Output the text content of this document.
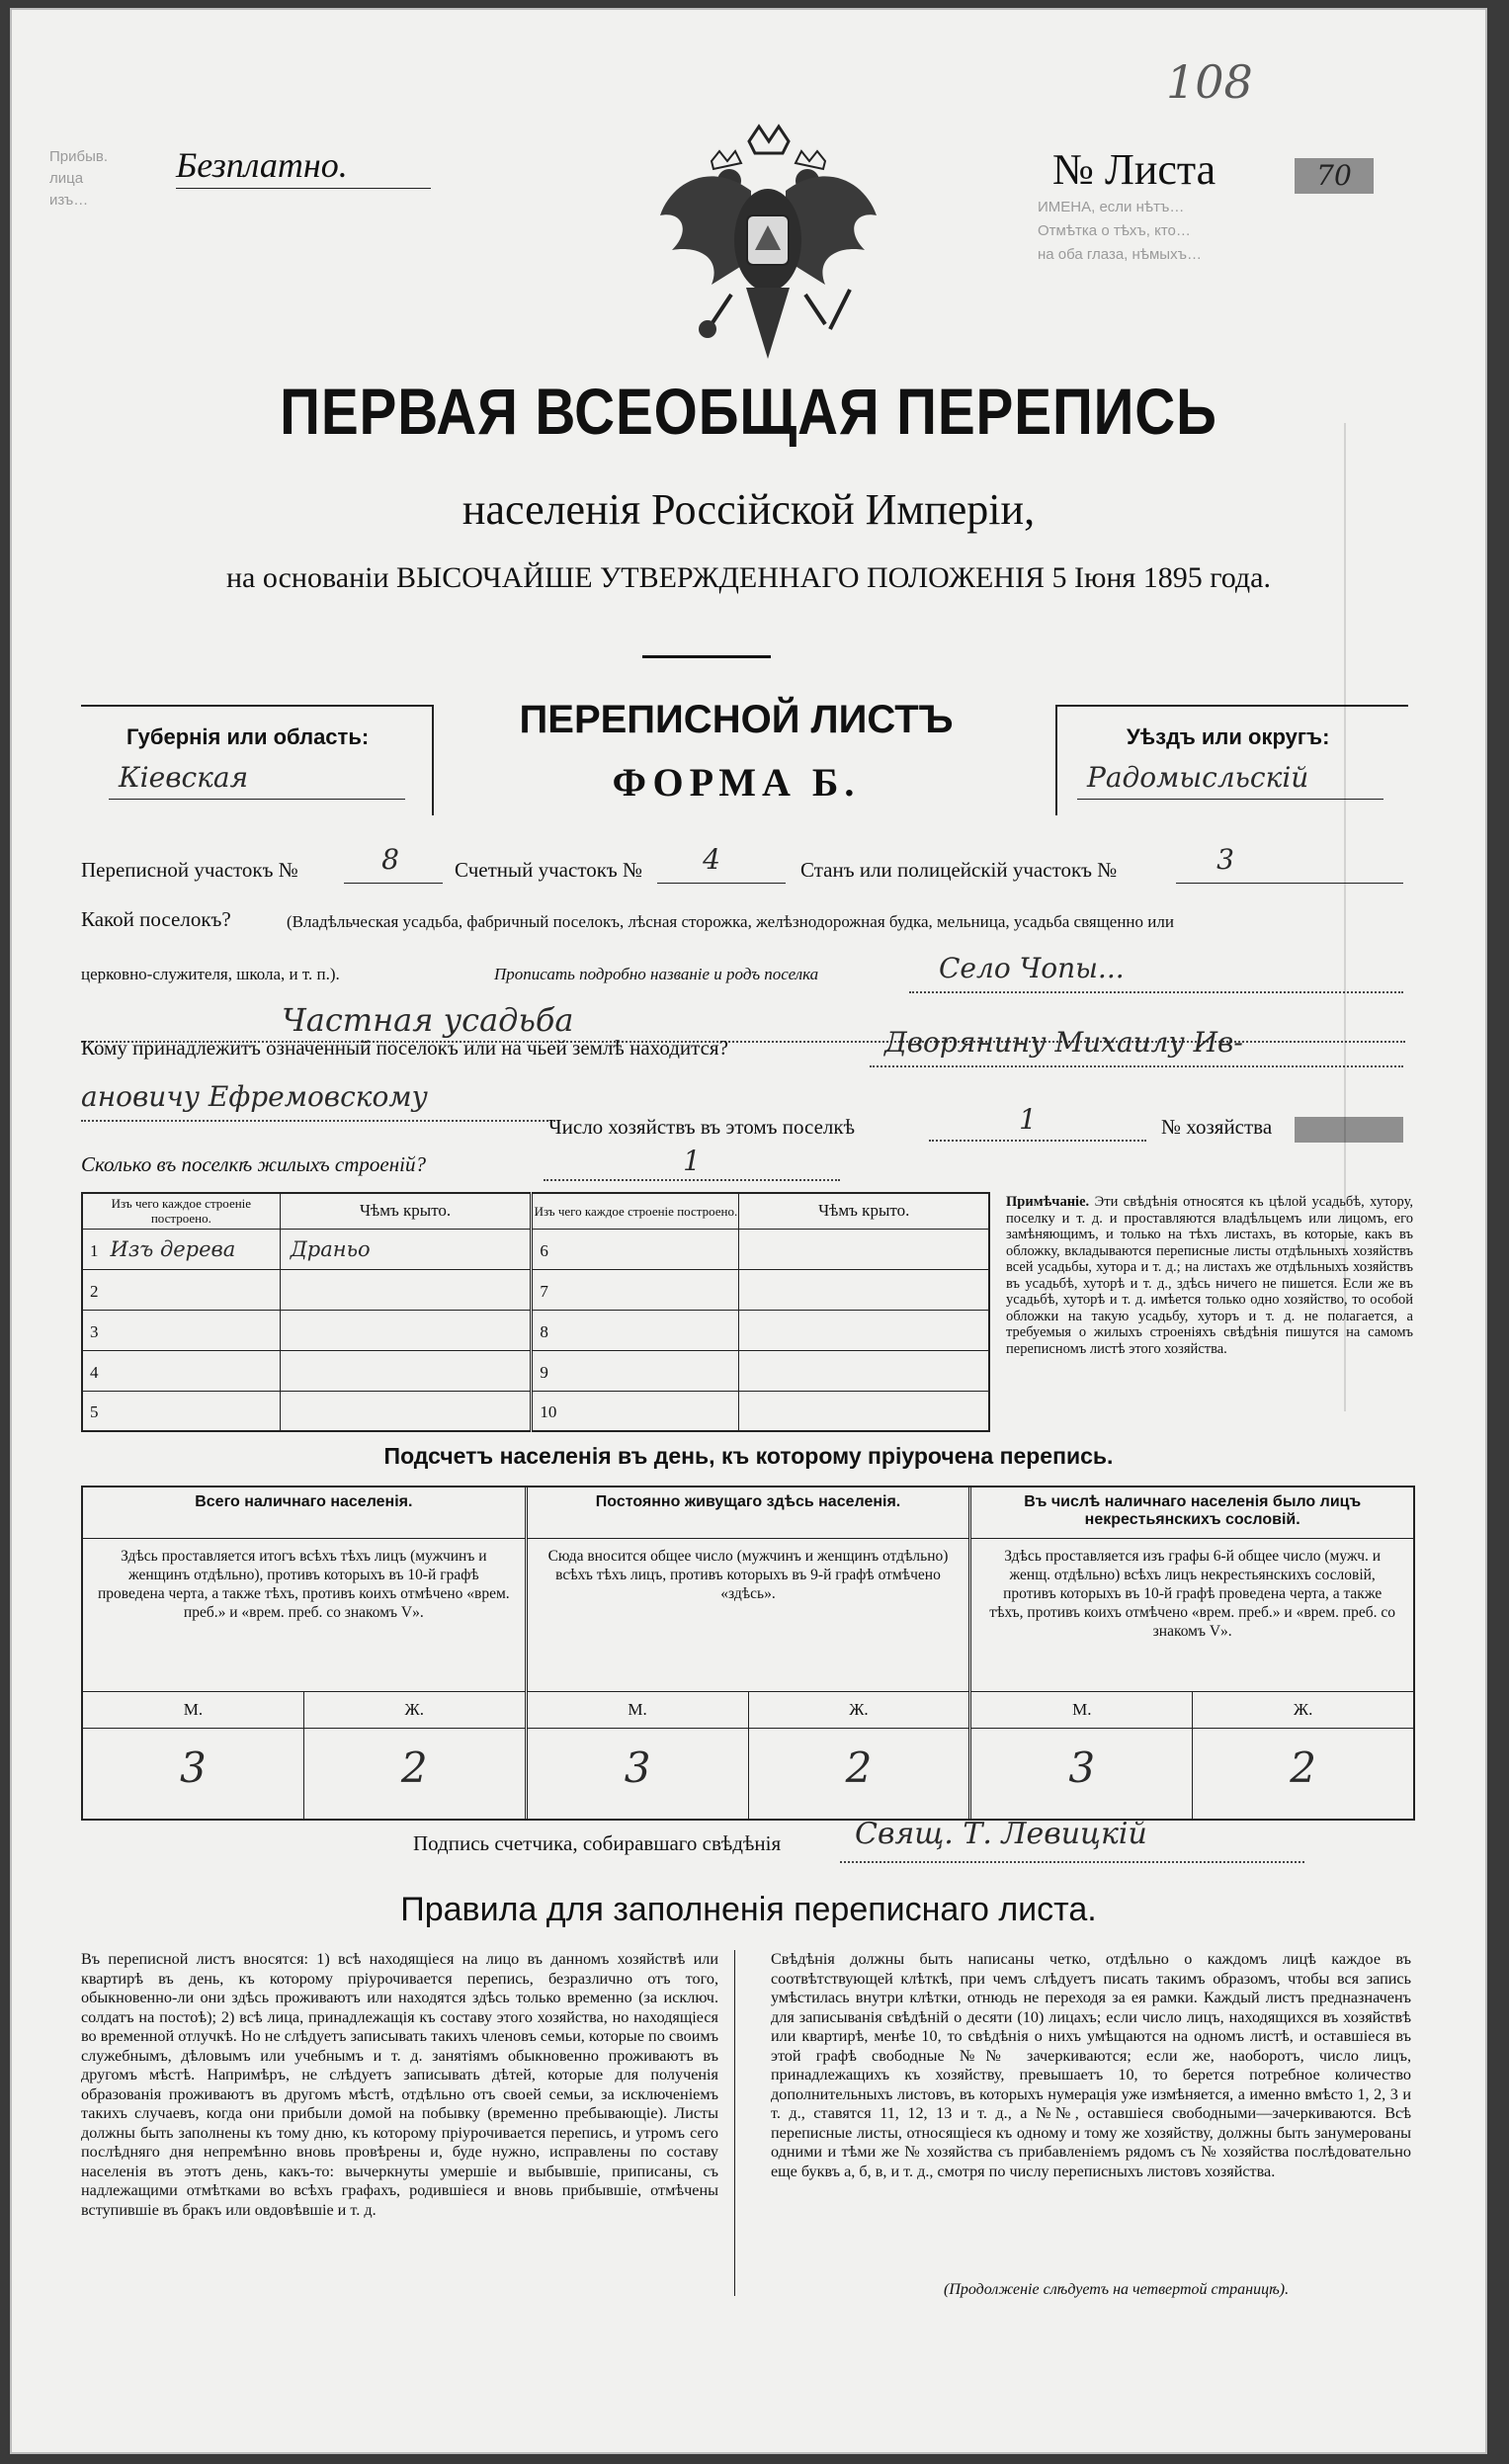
Прибыв.
лица
изъ…	ИМЕНА, если нѣтъ…
Отмѣтка о тѣхъ, кто…
на оба глаза, нѣмыхъ…
108
Безплатно.	№ Листа	70
ПЕРВАЯ ВСЕОБЩАЯ ПЕРЕПИСЬ
населенія Россійской Имперіи,
на основаніи ВЫСОЧАЙШЕ УТВЕРЖДЕННАГО ПОЛОЖЕНІЯ 5 Іюня 1895 года.
Губернія или область:
Кіевская
ПЕРЕПИСНОЙ ЛИСТЪ
ФОРМА Б.
Уѣздъ или округъ:
Радомысльскій
Переписной участокъ №	8	Счетный участокъ №	4	Станъ или полицейскій участокъ №	3
Какой поселокъ?	(Владѣльческая усадьба, фабричный поселокъ, лѣсная сторожка, желѣзнодорожная будка, мельница, усадьба священно или
церковно-служителя, школа, и т. п.).	Прописать подробно названіе и родъ поселка	Село Чопы...
Частная усадьба
Кому принадлежитъ означенный поселокъ или на чьей землѣ находится?	Дворянину Михаилу Ив-
ановичу Ефремовскому
Число хозяйствъ въ этомъ поселкѣ	1	№ хозяйства
Сколько въ поселкѣ жилыхъ строеній?	1
Изъ чего каждое строеніе построено.	Чѣмъ крыто.	Изъ чего каждое строеніе построено.	Чѣмъ крыто.
1 Изъ дерева	Драньо	6	
2		7	
3		8	
4		9	
5		10	
Примѣчаніе. Эти свѣдѣнія относятся къ цѣлой усадьбѣ, хутору, поселку и т. д. и проставляются владѣльцемъ или лицомъ, его замѣняющимъ, и только на тѣхъ листахъ, въ которые, какъ въ обложку, вкладываются переписные листы отдѣльныхъ хозяйствъ всей усадьбы, хутора и т. д.; на листахъ же отдѣльныхъ хозяйствъ въ усадьбѣ, хуторѣ и т. д., здѣсь ничего не пишется. Если же въ усадьбѣ, хуторѣ и т. д. имѣется только одно хозяйство, то особой обложки на такую усадьбу, хуторъ и т. д. не полагается, а требуемыя о жилыхъ строеніяхъ свѣдѣнія пишутся на самомъ переписномъ листѣ этого хозяйства.
Подсчетъ населенія въ день, къ которому пріурочена перепись.
Всего наличнаго населенія.
Здѣсь проставляется итогъ всѣхъ тѣхъ лицъ (мужчинъ и женщинъ отдѣльно), противъ которыхъ въ 10-й графѣ проведена черта, а также тѣхъ, противъ коихъ отмѣчено «врем. преб.» и «врем. преб. со знакомъ V».
М.	Ж.
3	2
Постоянно живущаго здѣсь населенія.
Сюда вносится общее число (мужчинъ и женщинъ отдѣльно) всѣхъ тѣхъ лицъ, противъ которыхъ въ 9-й графѣ отмѣчено «здѣсь».
М.	Ж.
3	2
Въ числѣ наличнаго населенія было лицъ некрестьянскихъ сословій.
Здѣсь проставляется изъ графы 6-й общее число (мужч. и женщ. отдѣльно) всѣхъ лицъ некрестьянскихъ сословій, противъ которыхъ въ 10-й графѣ проведена черта, а также тѣхъ, противъ коихъ отмѣчено «врем. преб.» и «врем. преб. со знакомъ V».
М.	Ж.
3	2
Подпись счетчика, собиравшаго свѣдѣнія Свящ. Т. Левицкій
Правила для заполненія переписнаго листа.
Въ переписной листъ вносятся: 1) всѣ находящіеся на лицо въ данномъ хозяйствѣ или квартирѣ въ день, къ которому пріурочивается перепись, безразлично отъ того, обыкновенно-ли они здѣсь проживаютъ или находятся здѣсь только временно (за исключ. солдатъ на постоѣ); 2) всѣ лица, принадлежащія къ составу этого хозяйства, но находящіеся во временной отлучкѣ. Но не слѣдуетъ записывать такихъ членовъ семьи, которые по своимъ служебнымъ, дѣловымъ или учебнымъ и т. д. занятіямъ обыкновенно проживаютъ въ другомъ мѣстѣ. Напримѣръ, не слѣдуетъ записывать дѣтей, которые для полученія образованія проживаютъ въ другомъ мѣстѣ, отдѣльно отъ своей семьи, за исключеніемъ такихъ случаевъ, когда они прибыли домой на побывку (временно пребывающіе). Листы должны быть заполнены къ тому дню, къ которому пріурочивается перепись, и утромъ сего послѣдняго дня непремѣнно вновь провѣрены и, буде нужно, исправлены по составу населенія въ этотъ день, какъ-то: вычеркнуты умершіе и выбывшіе, приписаны, съ надлежащими отмѣтками во всѣхъ графахъ, родившіеся и вновь прибывшіе, отмѣчены вступившіе въ бракъ или овдовѣвшіе и т. д.
Свѣдѣнія должны быть написаны четко, отдѣльно о каждомъ лицѣ каждое въ соотвѣтствующей клѣткѣ, при чемъ слѣдуетъ писать такимъ образомъ, чтобы вся запись умѣстилась внутри клѣтки, отнюдь не переходя за ея рамки. Каждый листъ предназначенъ для записыванія свѣдѣній о десяти (10) лицахъ; если число лицъ, находящихся въ хозяйствѣ или квартирѣ, менѣе 10, то свѣдѣнія о нихъ умѣщаются на одномъ листѣ, и оставшіеся въ этой графѣ свободные №№ зачеркиваются; если же, наоборотъ, число лицъ, принадлежащихъ къ хозяйству, превышаетъ 10, то берется потребное количество дополнительныхъ листовъ, въ которыхъ нумерація уже измѣняется, а именно вмѣсто 1, 2, 3 и т. д., ставятся 11, 12, 13 и т. д., а №№, оставшіеся свободными—зачеркиваются. Всѣ переписные листы, относящіеся къ одному и тому же хозяйству, должны быть занумерованы одними и тѣми же № хозяйства съ прибавленіемъ рядомъ съ № хозяйства послѣдовательно еще буквъ а, б, в, и т. д., смотря по числу переписныхъ листовъ хозяйства.
(Продолженіе слѣдуетъ на четвертой страницѣ).
